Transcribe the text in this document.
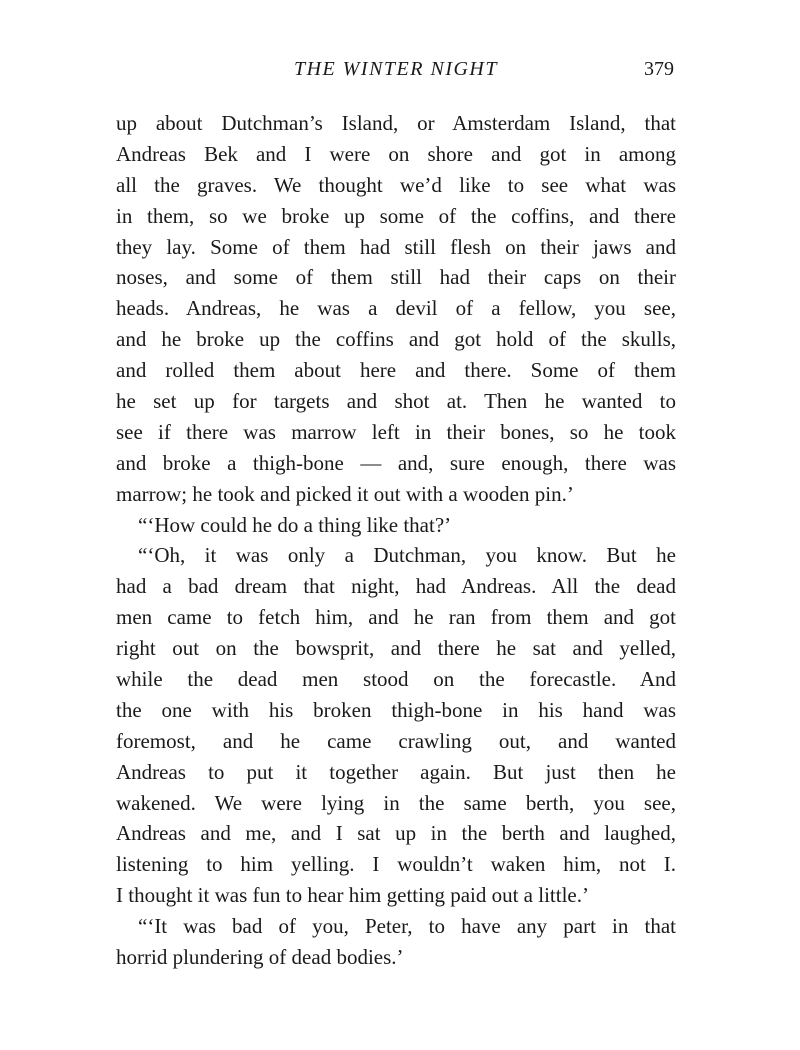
THE WINTER NIGHT	379
up about Dutchman’s Island, or Amsterdam Island, that
Andreas Bek and I were on shore and got in among
all the graves. We thought we’d like to see what was
in them, so we broke up some of the coffins, and there
they lay. Some of them had still flesh on their jaws and
noses, and some of them still had their caps on their
heads. Andreas, he was a devil of a fellow, you see,
and he broke up the coffins and got hold of the skulls,
and rolled them about here and there. Some of them
he set up for targets and shot at. Then he wanted to
see if there was marrow left in their bones, so he took
and broke a thigh-bone — and, sure enough, there was
marrow; he took and picked it out with a wooden pin.’
“‘How could he do a thing like that?’
“‘Oh, it was only a Dutchman, you know. But he
had a bad dream that night, had Andreas. All the dead
men came to fetch him, and he ran from them and got
right out on the bowsprit, and there he sat and yelled,
while the dead men stood on the forecastle. And
the one with his broken thigh-bone in his hand was
foremost, and he came crawling out, and wanted
Andreas to put it together again. But just then he
wakened. We were lying in the same berth, you see,
Andreas and me, and I sat up in the berth and laughed,
listening to him yelling. I wouldn’t waken him, not I.
I thought it was fun to hear him getting paid out a little.’
“‘It was bad of you, Peter, to have any part in that
horrid plundering of dead bodies.’
